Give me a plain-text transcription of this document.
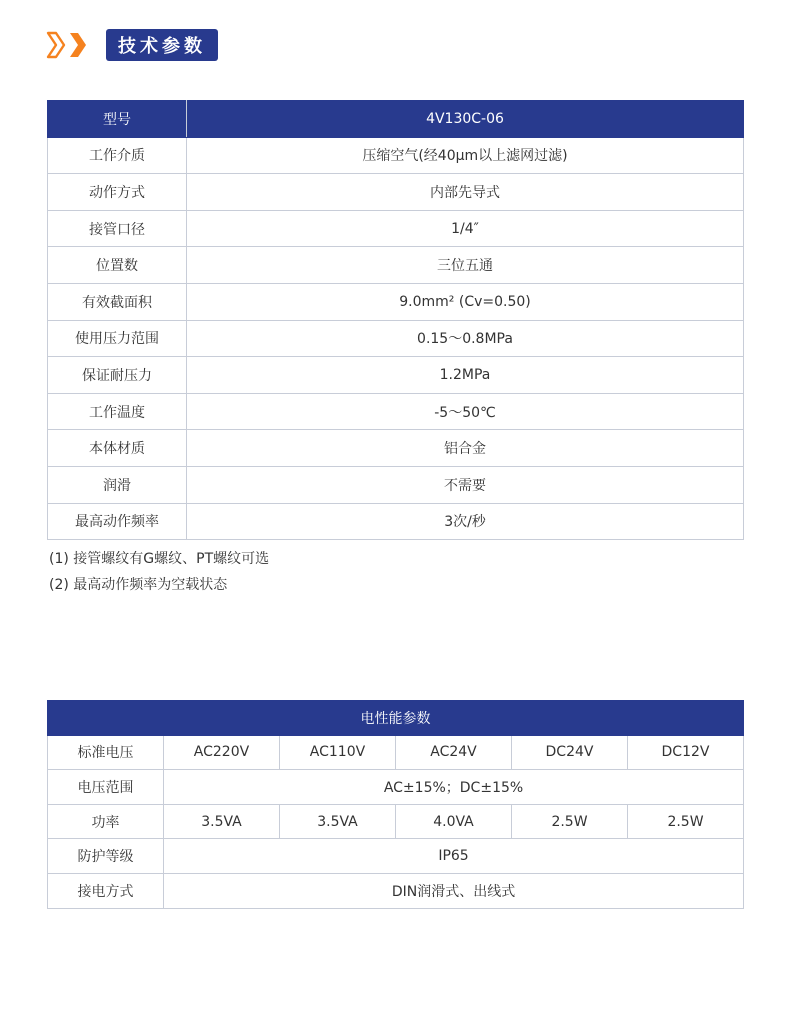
技术参数
型号	4V130C-06
工作介质	压缩空气(经40μm以上滤网过滤)
动作方式	内部先导式
接管口径	1/4″
位置数	三位五通
有效截面积	9.0mm² (Cv=0.50)
使用压力范围	0.15～0.8MPa
保证耐压力	1.2MPa
工作温度	-5～50℃
本体材质	铝合金
润滑	不需要
最高动作频率	3次/秒
(1) 接管螺纹有G螺纹、PT螺纹可选
(2) 最高动作频率为空载状态
电性能参数					
标准电压	AC220V	AC110V	AC24V	DC24V	DC12V
电压范围	AC±15%；DC±15%				
功率	3.5VA	3.5VA	4.0VA	2.5W	2.5W
防护等级	IP65				
接电方式	DIN润滑式、出线式				
